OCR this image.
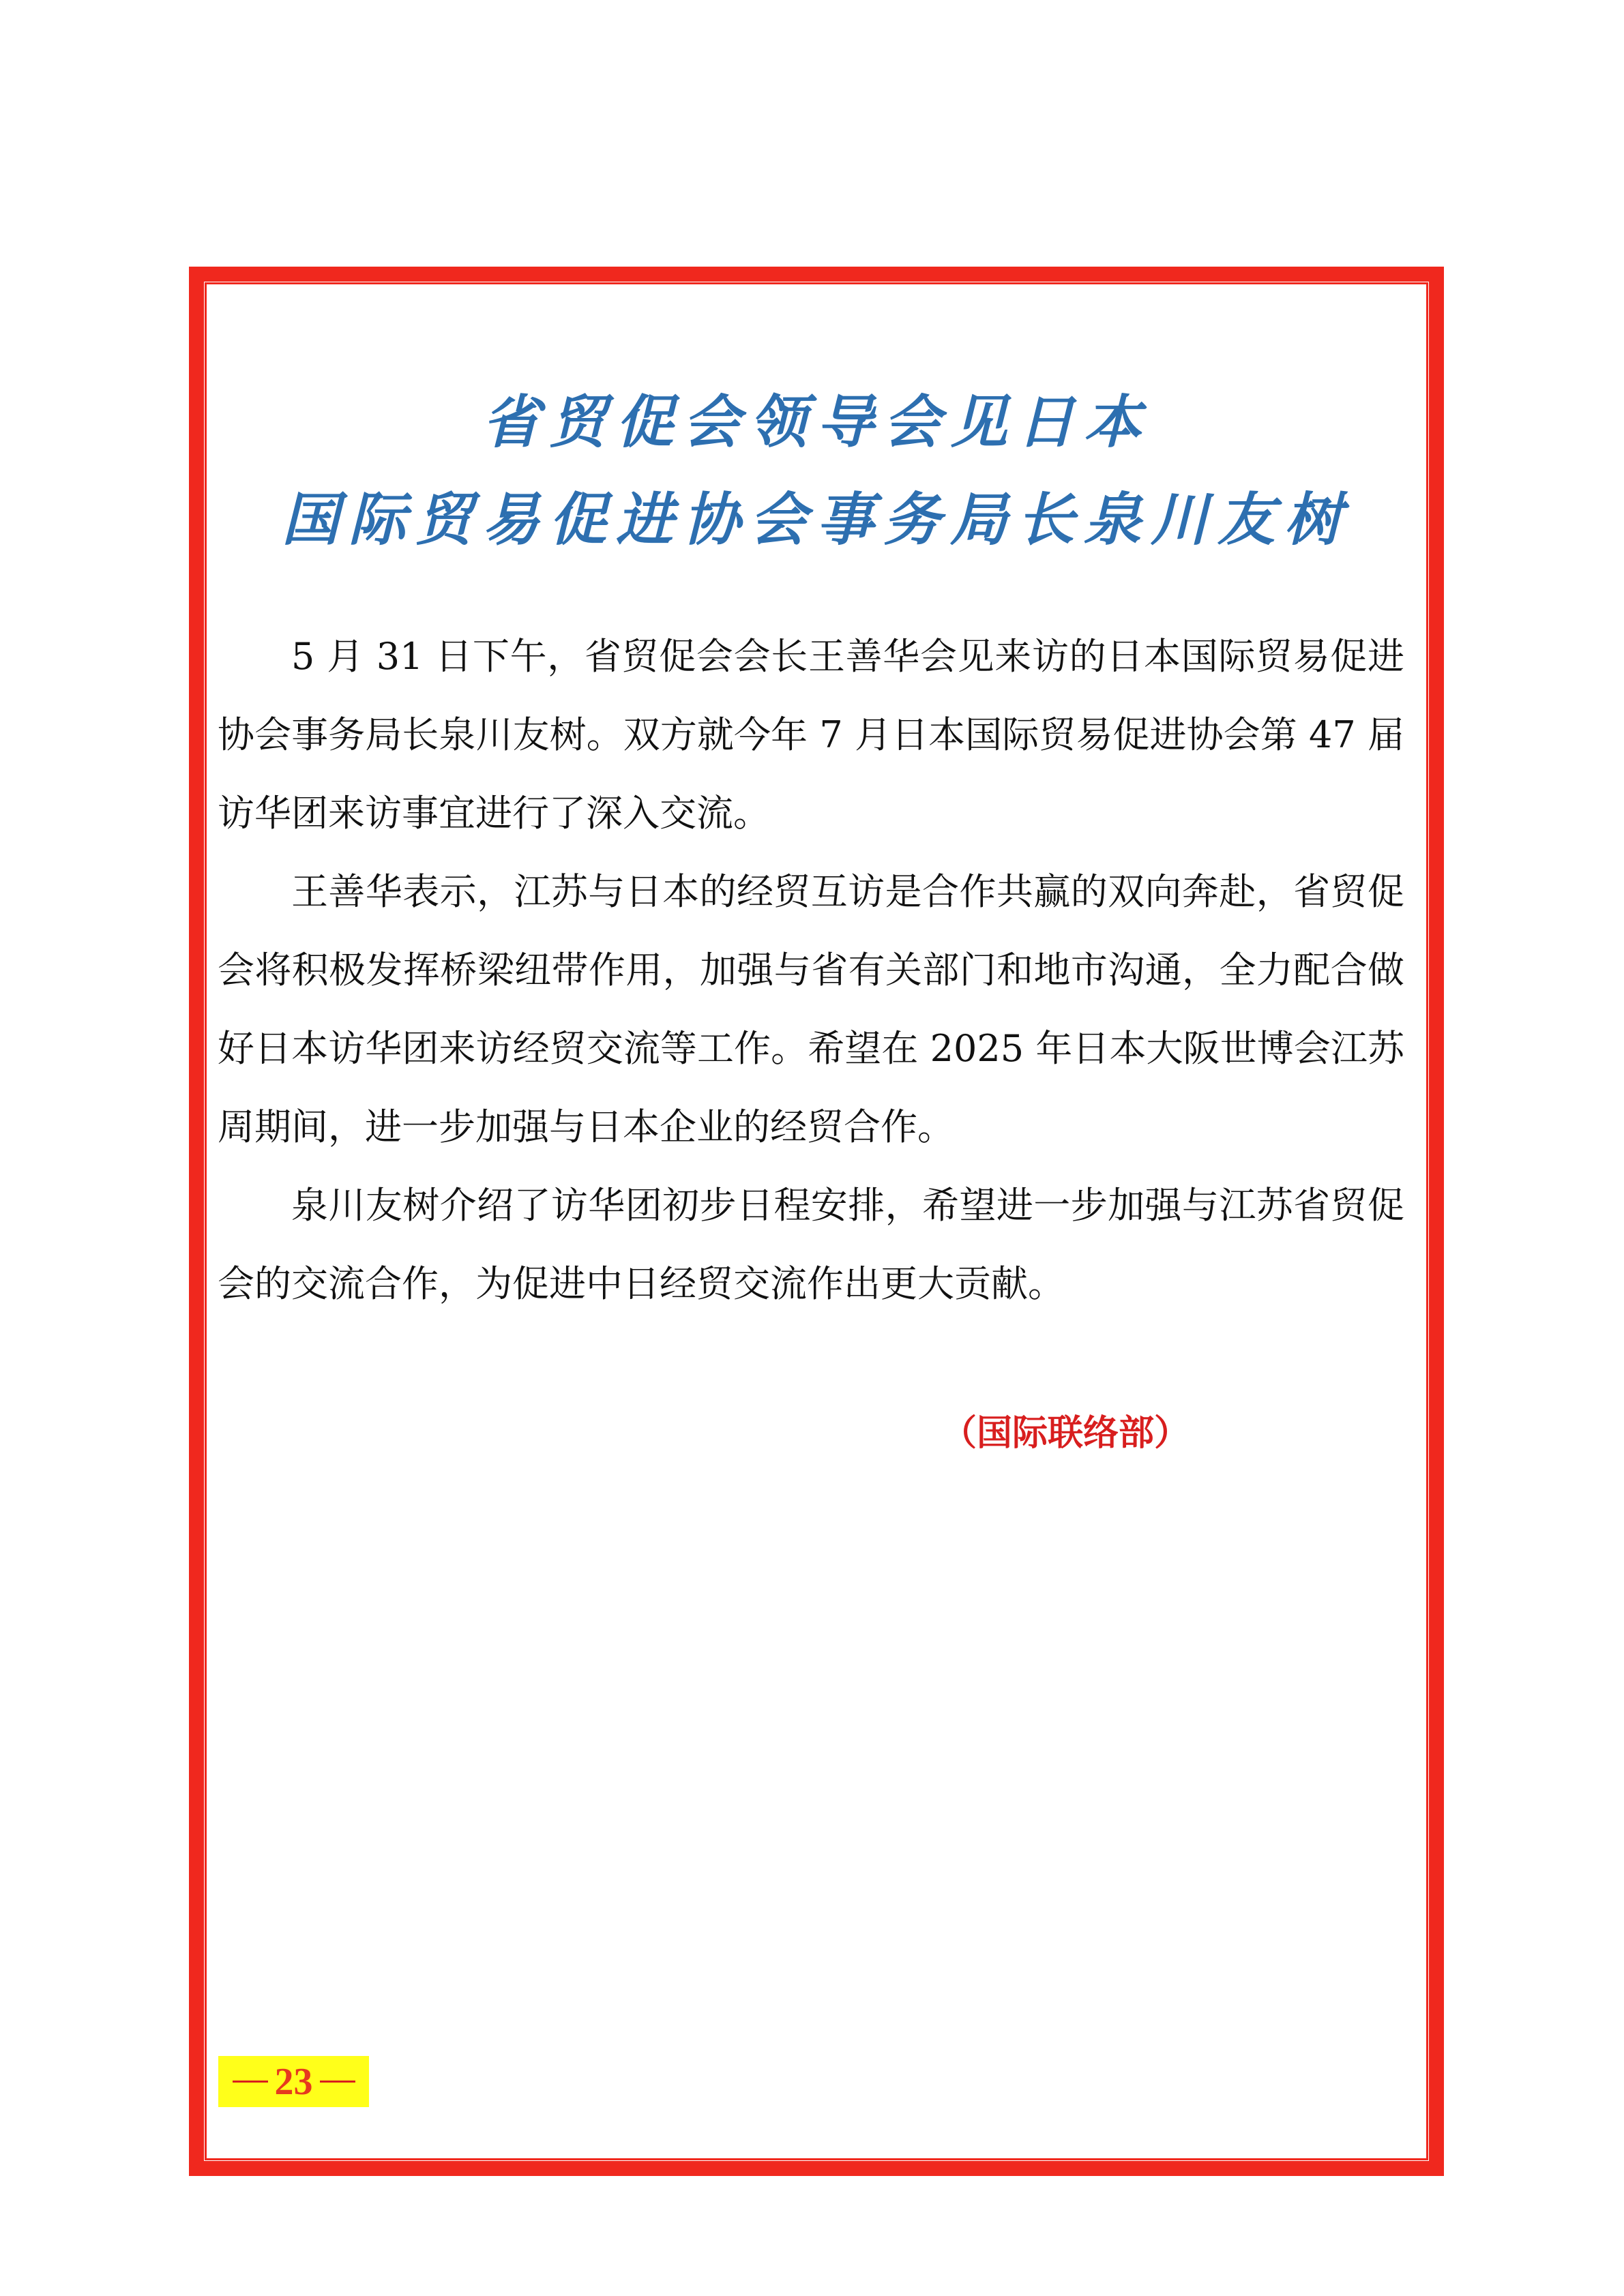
省贸促会领导会见日本
国际贸易促进协会事务局长泉川友树

5 月 31 日下午，省贸促会会长王善华会见来访的日本国际贸易促进协会事务局长泉川友树。双方就今年 7 月日本国际贸易促进协会第 47 届访华团来访事宜进行了深入交流。

王善华表示，江苏与日本的经贸互访是合作共赢的双向奔赴，省贸促会将积极发挥桥梁纽带作用，加强与省有关部门和地市沟通，全力配合做好日本访华团来访经贸交流等工作。希望在 2025 年日本大阪世博会江苏周期间，进一步加强与日本企业的经贸合作。

泉川友树介绍了访华团初步日程安排，希望进一步加强与江苏省贸促会的交流合作，为促进中日经贸交流作出更大贡献。

（国际联络部）
23
